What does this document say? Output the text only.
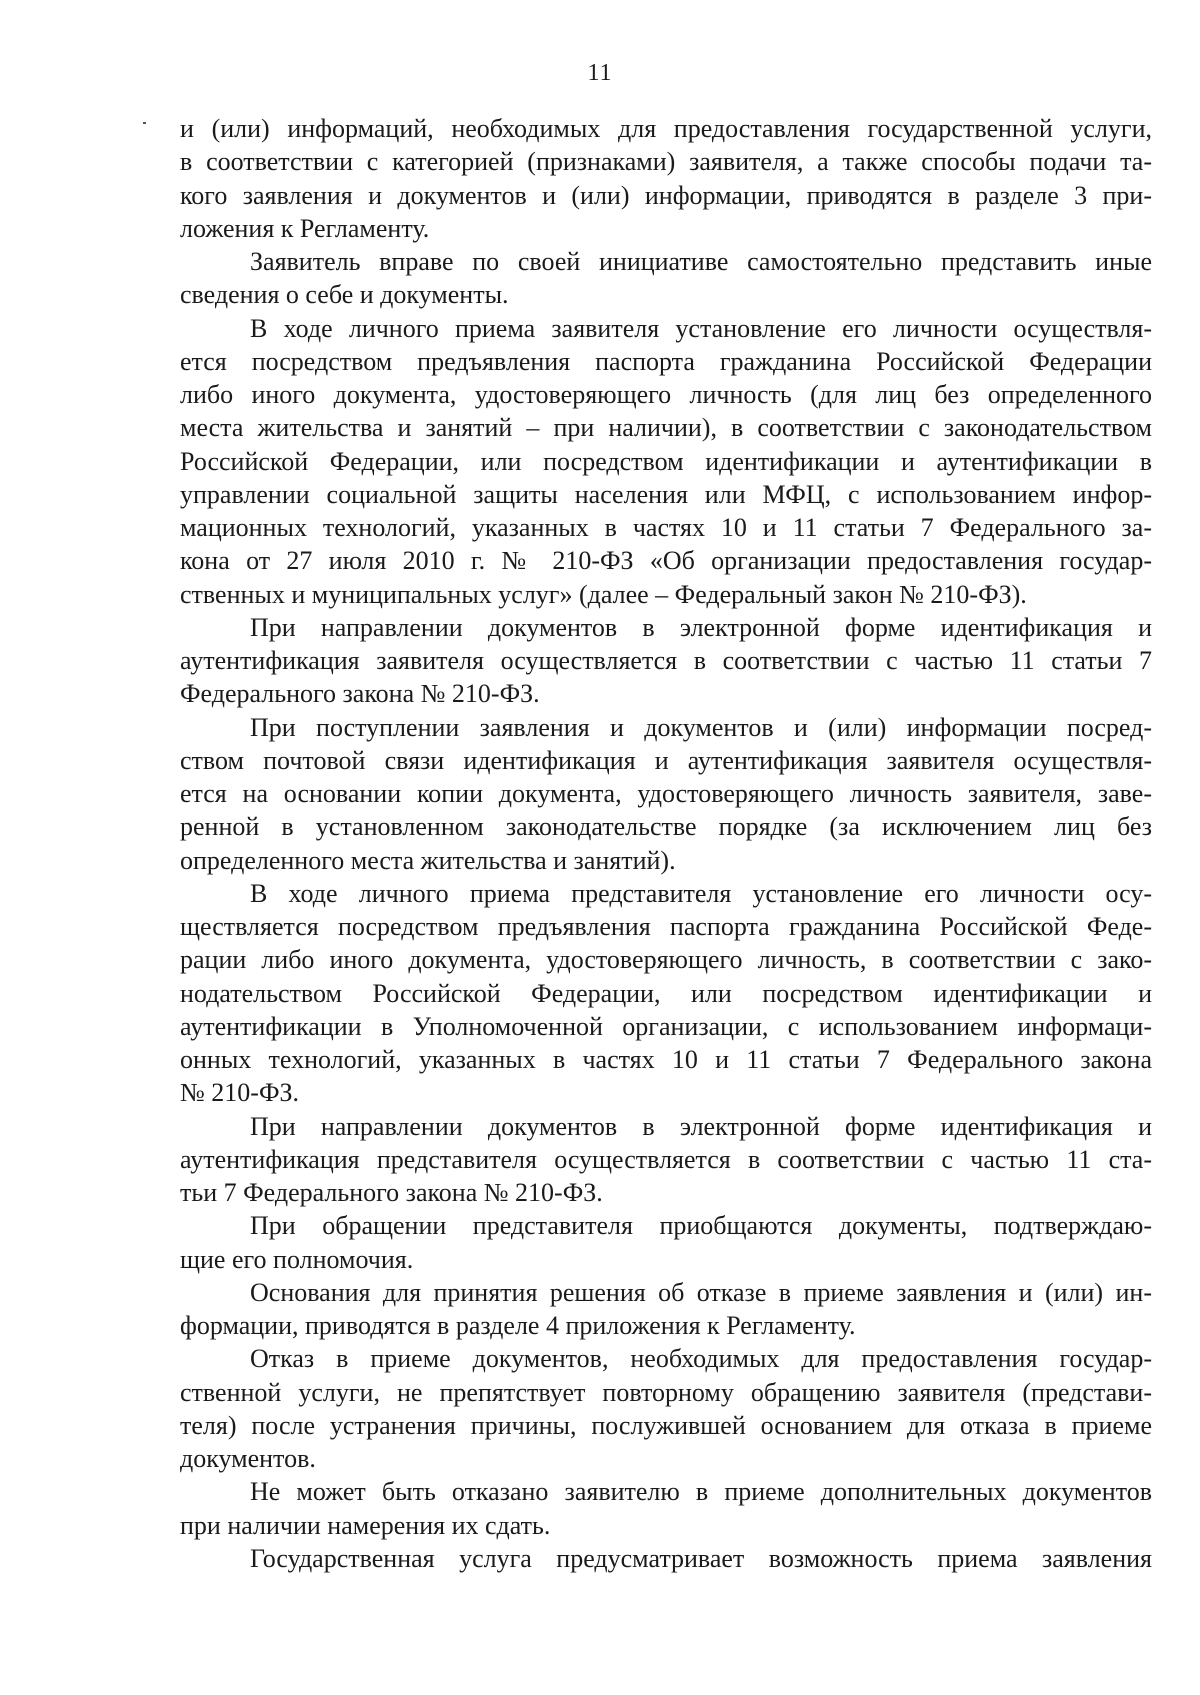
11
и (или) информаций, необходимых для предоставления государственной услуги,
в соответствии с категорией (признаками) заявителя, а также способы подачи та-
кого заявления и документов и (или) информации, приводятся в разделе 3 при-
ложения к Регламенту.
Заявитель вправе по своей инициативе самостоятельно представить иные
сведения о себе и документы.
В ходе личного приема заявителя установление его личности осуществля-
ется посредством предъявления паспорта гражданина Российской Федерации
либо иного документа, удостоверяющего личность (для лиц без определенного
места жительства и занятий – при наличии), в соответствии с законодательством
Российской Федерации, или посредством идентификации и аутентификации в
управлении социальной защиты населения или МФЦ, с использованием инфор-
мационных технологий, указанных в частях 10 и 11 статьи 7 Федерального за-
кона от 27 июля 2010 г. № 210-ФЗ «Об организации предоставления государ-
ственных и муниципальных услуг» (далее – Федеральный закон № 210-ФЗ).
При направлении документов в электронной форме идентификация и
аутентификация заявителя осуществляется в соответствии с частью 11 статьи 7
Федерального закона № 210-ФЗ.
При поступлении заявления и документов и (или) информации посред-
ством почтовой связи идентификация и аутентификация заявителя осуществля-
ется на основании копии документа, удостоверяющего личность заявителя, заве-
ренной в установленном законодательстве порядке (за исключением лиц без
определенного места жительства и занятий).
В ходе личного приема представителя установление его личности осу-
ществляется посредством предъявления паспорта гражданина Российской Феде-
рации либо иного документа, удостоверяющего личность, в соответствии с зако-
нодательством Российской Федерации, или посредством идентификации и
аутентификации в Уполномоченной организации, с использованием информаци-
онных технологий, указанных в частях 10 и 11 статьи 7 Федерального закона
№ 210-ФЗ.
При направлении документов в электронной форме идентификация и
аутентификация представителя осуществляется в соответствии с частью 11 ста-
тьи 7 Федерального закона № 210-ФЗ.
При обращении представителя приобщаются документы, подтверждаю-
щие его полномочия.
Основания для принятия решения об отказе в приеме заявления и (или) ин-
формации, приводятся в разделе 4 приложения к Регламенту.
Отказ в приеме документов, необходимых для предоставления государ-
ственной услуги, не препятствует повторному обращению заявителя (представи-
теля) после устранения причины, послужившей основанием для отказа в приеме
документов.
Не может быть отказано заявителю в приеме дополнительных документов
при наличии намерения их сдать.
Государственная услуга предусматривает возможность приема заявления
